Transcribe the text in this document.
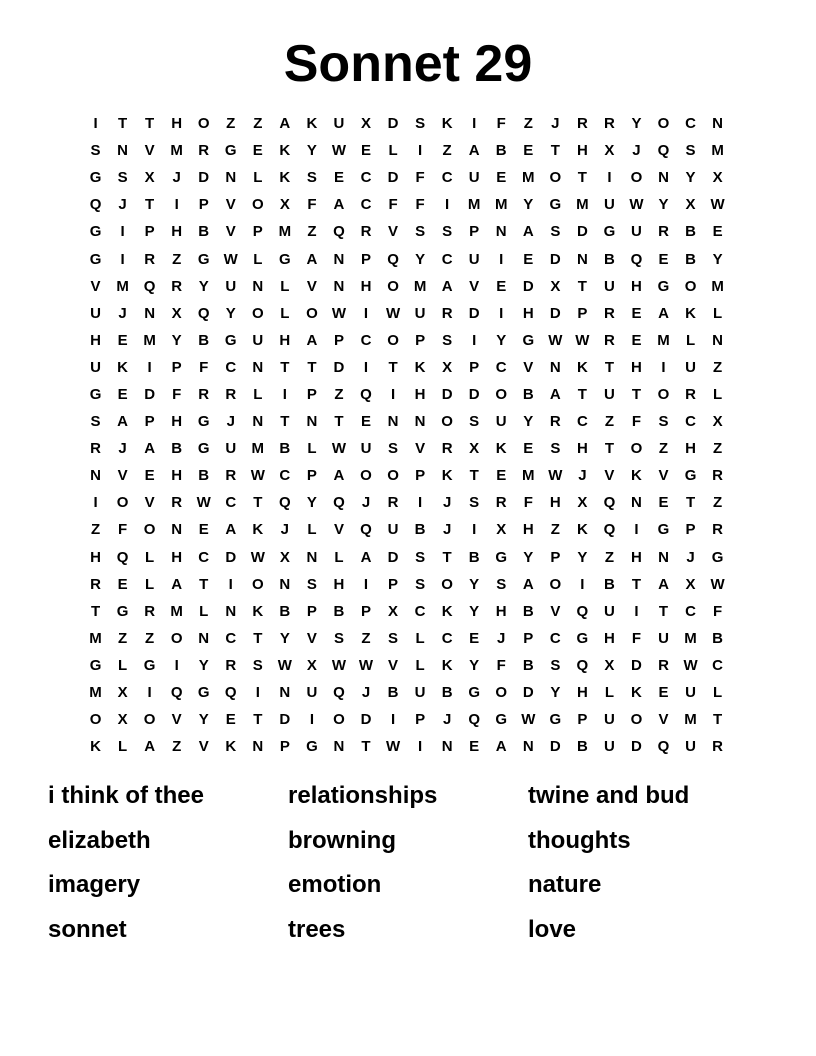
Sonnet 29
I	T	T	H	O	Z	Z	A	K	U	X	D	S	K	I	F	Z	J	R	R	Y	O	C	N
S	N	V	M	R	G	E	K	Y W E	L	I	Z	A	B	E	T	H	X	J	Q	S	M
G	S	X	J	D	N	L	K	S	E	C	D	F	C	U	E	M O	T	I	O	N	Y	X
Q	J	T	I	P	V	O	X	F	A	C	F	F	I	M M	Y	G M	U W Y	X W
G	I	P	H	B	V	P	M	Z	Q	R	V	S	S	P	N	A	S	D	G	U	R	B	E
G	I	R	Z	G W	L	G	A	N	P	Q	Y	C	U	I	E	D	N	B	Q	E	B	Y
V	M Q	R	Y	U	N	L	V	N	H	O M	A	V	E	D	X	T	U	H	G	O M
U	J	N	X	Q	Y	O	L	O W	I	W U	R	D	I	H	D	P	R	E	A	K	L
H	E	M	Y	B	G	U	H	A	P	C	O	P	S	I	Y	G W W R	E	M	L	N
U	K	I	P	F	C	N	T	T	D	I	T	K	X	P	C	V	N	K	T	H	I	U	Z
G	E	D	F	R	R	L	I	P	Z	Q	I	H	D	D	O	B	A	T	U	T	O	R	L
S	A	P	H	G	J	N	T	N	T	E	N	N	O	S	U	Y	R	C	Z	F	S	C	X
R	J	A	B	G	U	M	B	L	W U	S	V	R	X	K	E	S	H	T	O	Z	H	Z
N	V	E	H	B	R W C	P	A	O	O	P	K	T	E	M W	J	V	K	V	G	R
I	O	V	R W C	T	Q	Y	Q	J	R	I	J	S	R	F	H	X	Q	N	E	T	Z
Z	F	O	N	E	A	K	J	L	V	Q	U	B	J	I	X	H	Z	K	Q	I	G	P	R
H	Q	L	H	C	D W X	N	L	A	D	S	T	B	G	Y	P	Y	Z	H	N	J	G
R	E	L	A	T	I	O	N	S	H	I	P	S	O	Y	S	A	O	I	B	T	A	X W
T	G	R	M	L	N	K	B	P	B	P	X	C	K	Y	H	B	V	Q	U	I	T	C	F
M	Z	Z	O	N	C	T	Y	V	S	Z	S	L	C	E	J	P	C	G	H	F	U	M	B
G	L	G	I	Y	R	S W X W W V	L	K	Y	F	B	S	Q	X	D	R W C
M	X	I	Q	G	Q	I	N	U	Q	J	B	U	B	G	O	D	Y	H	L	K	E	U	L
O	X	O	V	Y	E	T	D	I	O	D	I	P	J	Q	G W G	P	U	O	V	M	T
K	L	A	Z	V	K	N	P	G	N	T	W	I	N	E	A	N	D	B	U	D	Q	U	R
i think of thee	relationships	twine and bud
elizabeth	browning	thoughts
imagery	emotion	nature
sonnet	trees	love
